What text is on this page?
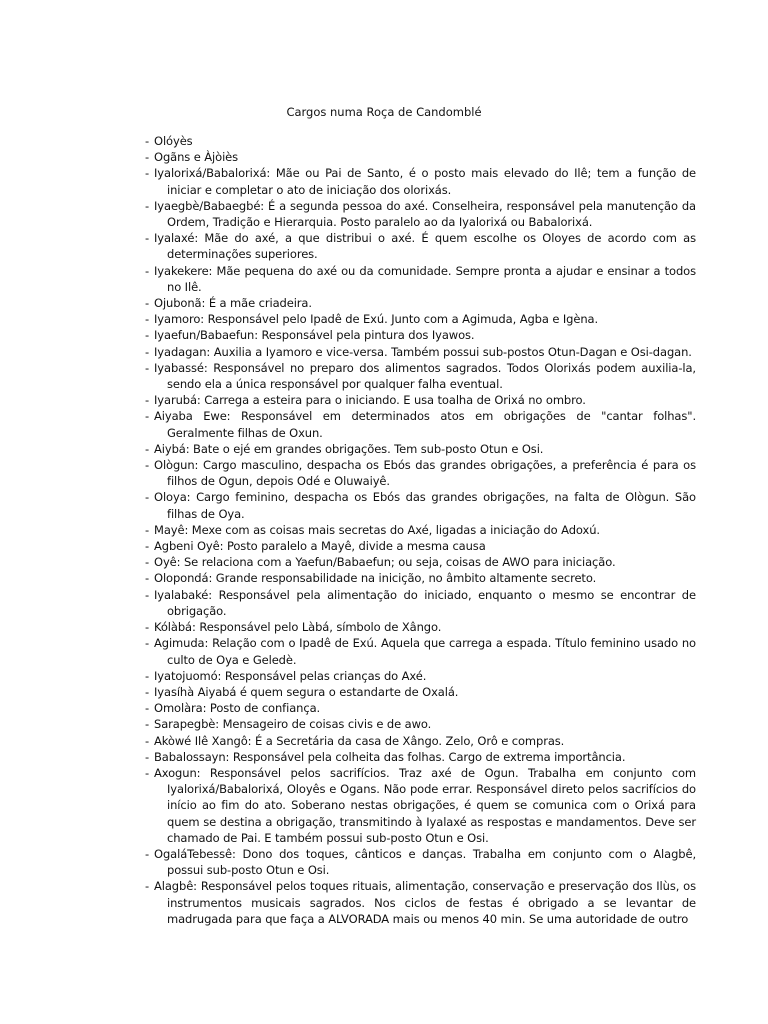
Cargos numa Roça de Candomblé
- Olóyès
- Ogãns e Àjòiès
- Iyalorixá/Babalorixá: Mãe ou Pai de Santo, é o posto mais elevado do Ilê; tem a função de iniciar e completar o ato de iniciação dos olorixás.
- Iyaegbè/Babaegbé: É a segunda pessoa do axé. Conselheira, responsável pela manutenção da Ordem, Tradição e Hierarquia. Posto paralelo ao da Iyalorixá ou Babalorixá.
- Iyalaxé: Mãe do axé, a que distribui o axé. É quem escolhe os Oloyes de acordo com as determinações superiores.
- Iyakekere: Mãe pequena do axé ou da comunidade. Sempre pronta a ajudar e ensinar a todos no Ilê.
- Ojubonã: É a mãe criadeira.
- Iyamoro: Responsável pelo Ipadê de Exú. Junto com a Agimuda, Agba e Igèna.
- Iyaefun/Babaefun: Responsável pela pintura dos Iyawos.
- Iyadagan: Auxilia a Iyamoro e vice-versa. Também possui sub-postos Otun-Dagan e Osi-dagan.
- Iyabassé: Responsável no preparo dos alimentos sagrados. Todos Olorixás podem auxilia-la, sendo ela a única responsável por qualquer falha eventual.
- Iyarubá: Carrega a esteira para o iniciando. E usa toalha de Orixá no ombro.
- Aiyaba Ewe: Responsável em determinados atos em obrigações de "cantar folhas". Geralmente filhas de Oxun.
- Aiybá: Bate o ejé em grandes obrigações. Tem sub-posto Otun e Osi.
- Ològun: Cargo masculino, despacha os Ebós das grandes obrigações, a preferência é para os filhos de Ogun, depois Odé e Oluwaiyê.
- Oloya: Cargo feminino, despacha os Ebós das grandes obrigações, na falta de Ològun. São filhas de Oya.
- Mayê: Mexe com as coisas mais secretas do Axé, ligadas a iniciação do Adoxú.
- Agbeni Oyê: Posto paralelo a Mayê, divide a mesma causa
- Oyê: Se relaciona com a Yaefun/Babaefun; ou seja, coisas de AWO para iniciação.
- Olopondá: Grande responsabilidade na inicição, no âmbito altamente secreto.
- Iyalabaké: Responsável pela alimentação do iniciado, enquanto o mesmo se encontrar de obrigação.
- Kólàbá: Responsável pelo Làbá, símbolo de Xângo.
- Agimuda: Relação com o Ipadê de Exú. Aquela que carrega a espada. Título feminino usado no culto de Oya e Geledè.
- Iyatojuomó: Responsável pelas crianças do Axé.
- Iyasíhà Aiyabá é quem segura o estandarte de Oxalá.
- Omolàra: Posto de confiança.
- Sarapegbè: Mensageiro de coisas civis e de awo.
- Akòwé Ilê Xangô: É a Secretária da casa de Xângo. Zelo, Orô e compras.
- Babalossayn: Responsável pela colheita das folhas. Cargo de extrema importância.
- Axogun: Responsável pelos sacrifícios. Traz axé de Ogun. Trabalha em conjunto com Iyalorixá/Babalorixá, Oloyês e Ogans. Não pode errar. Responsável direto pelos sacrifícios do início ao fim do ato. Soberano nestas obrigações, é quem se comunica com o Orixá para quem se destina a obrigação, transmitindo à Iyalaxé as respostas e mandamentos. Deve ser chamado de Pai. E também possui sub-posto Otun e Osi.
- OgaláTebessê: Dono dos toques, cânticos e danças. Trabalha em conjunto com o Alagbê, possui sub-posto Otun e Osi.
- Alagbê: Responsável pelos toques rituais, alimentação, conservação e preservação dos Ilùs, os instrumentos musicais sagrados. Nos ciclos de festas é obrigado a se levantar de madrugada para que faça a ALVORADA mais ou menos 40 min. Se uma autoridade de outro
